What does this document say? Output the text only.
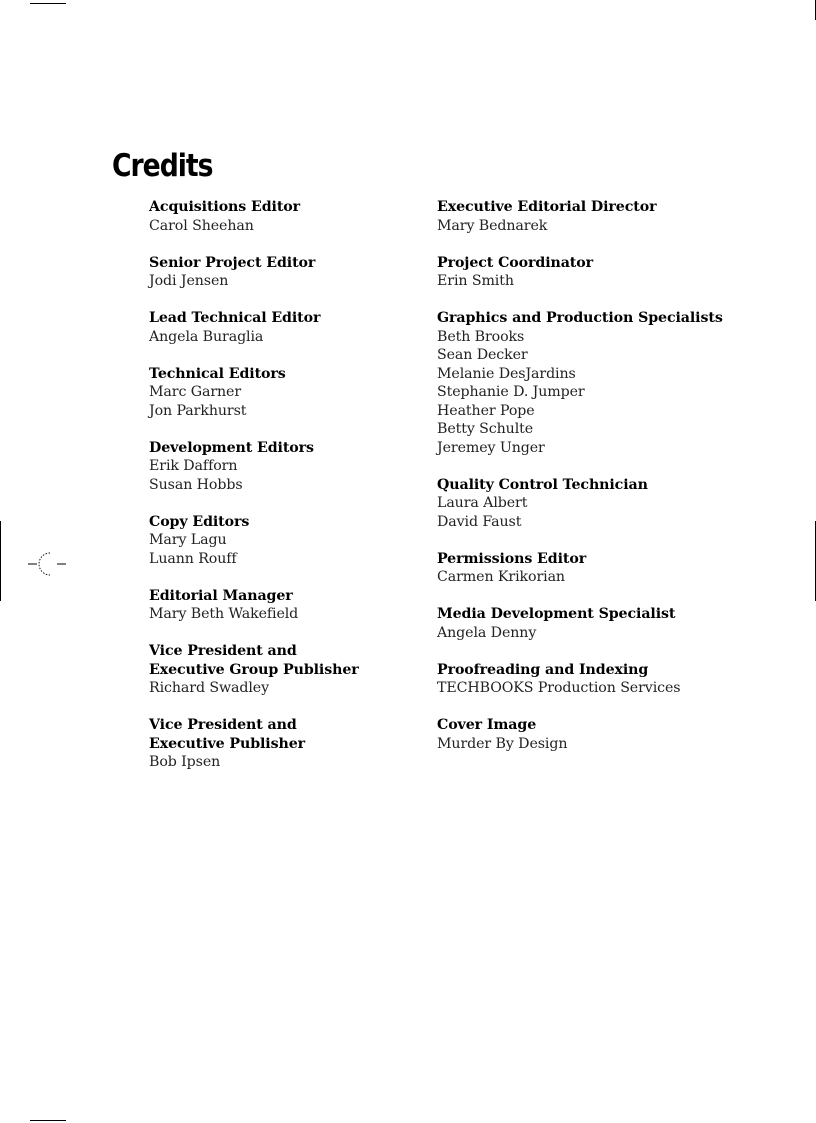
Credits
Acquisitions Editor
Carol Sheehan
Senior Project Editor
Jodi Jensen
Lead Technical Editor
Angela Buraglia
Technical Editors
Marc Garner
Jon Parkhurst
Development Editors
Erik Dafforn
Susan Hobbs
Copy Editors
Mary Lagu
Luann Rouff
Editorial Manager
Mary Beth Wakefield
Vice President and
Executive Group Publisher
Richard Swadley
Vice President and
Executive Publisher
Bob Ipsen
Executive Editorial Director
Mary Bednarek
Project Coordinator
Erin Smith
Graphics and Production Specialists
Beth Brooks
Sean Decker
Melanie DesJardins
Stephanie D. Jumper
Heather Pope
Betty Schulte
Jeremey Unger
Quality Control Technician
Laura Albert
David Faust
Permissions Editor
Carmen Krikorian
Media Development Specialist
Angela Denny
Proofreading and Indexing
TECHBOOKS Production Services
Cover Image
Murder By Design
